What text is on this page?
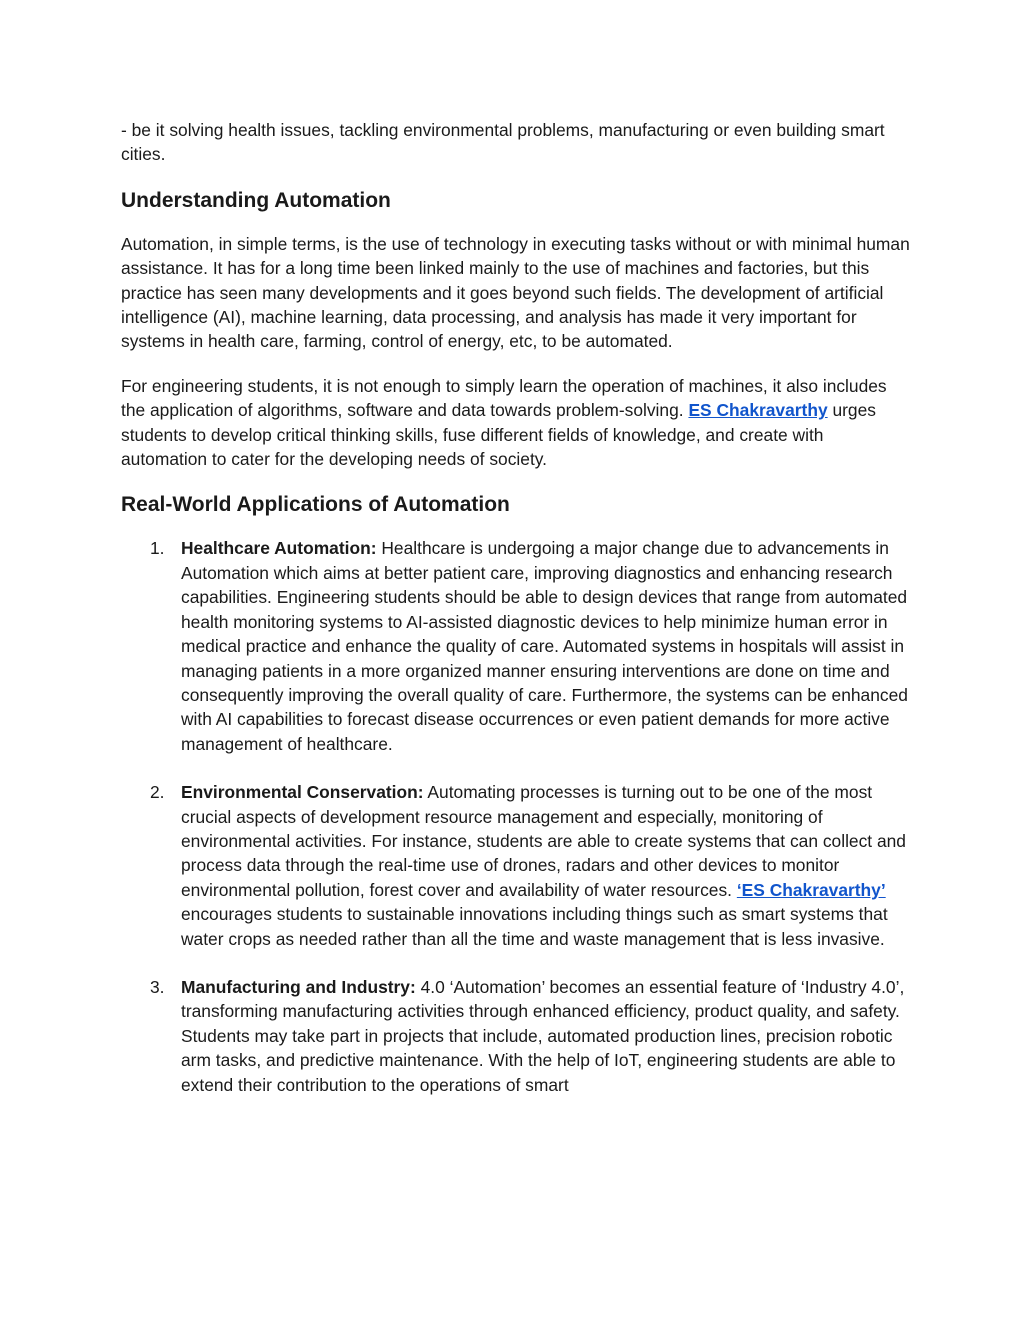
- be it solving health issues, tackling environmental problems, manufacturing or even building smart cities.

Understanding Automation

Automation, in simple terms, is the use of technology in executing tasks without or with minimal human assistance. It has for a long time been linked mainly to the use of machines and factories, but this practice has seen many developments and it goes beyond such fields. The development of artificial intelligence (AI), machine learning, data processing, and analysis has made it very important for systems in health care, farming, control of energy, etc, to be automated.

For engineering students, it is not enough to simply learn the operation of machines, it also includes the application of algorithms, software and data towards problem-solving. ES Chakravarthy urges students to develop critical thinking skills, fuse different fields of knowledge, and create with automation to cater for the developing needs of society.

Real-World Applications of Automation
1. Healthcare Automation: Healthcare is undergoing a major change due to advancements in Automation which aims at better patient care, improving diagnostics and enhancing research capabilities. Engineering students should be able to design devices that range from automated health monitoring systems to AI-assisted diagnostic devices to help minimize human error in medical practice and enhance the quality of care. Automated systems in hospitals will assist in managing patients in a more organized manner ensuring interventions are done on time and consequently improving the overall quality of care. Furthermore, the systems can be enhanced with AI capabilities to forecast disease occurrences or even patient demands for more active management of healthcare.
2. Environmental Conservation: Automating processes is turning out to be one of the most crucial aspects of development resource management and especially, monitoring of environmental activities. For instance, students are able to create systems that can collect and process data through the real-time use of drones, radars and other devices to monitor environmental pollution, forest cover and availability of water resources. ‘ES Chakravarthy’ encourages students to sustainable innovations including things such as smart systems that water crops as needed rather than all the time and waste management that is less invasive.
3. Manufacturing and Industry: 4.0 ‘Automation’ becomes an essential feature of ‘Industry 4.0’, transforming manufacturing activities through enhanced efficiency, product quality, and safety. Students may take part in projects that include, automated production lines, precision robotic arm tasks, and predictive maintenance. With the help of IoT, engineering students are able to extend their contribution to the operations of smart
